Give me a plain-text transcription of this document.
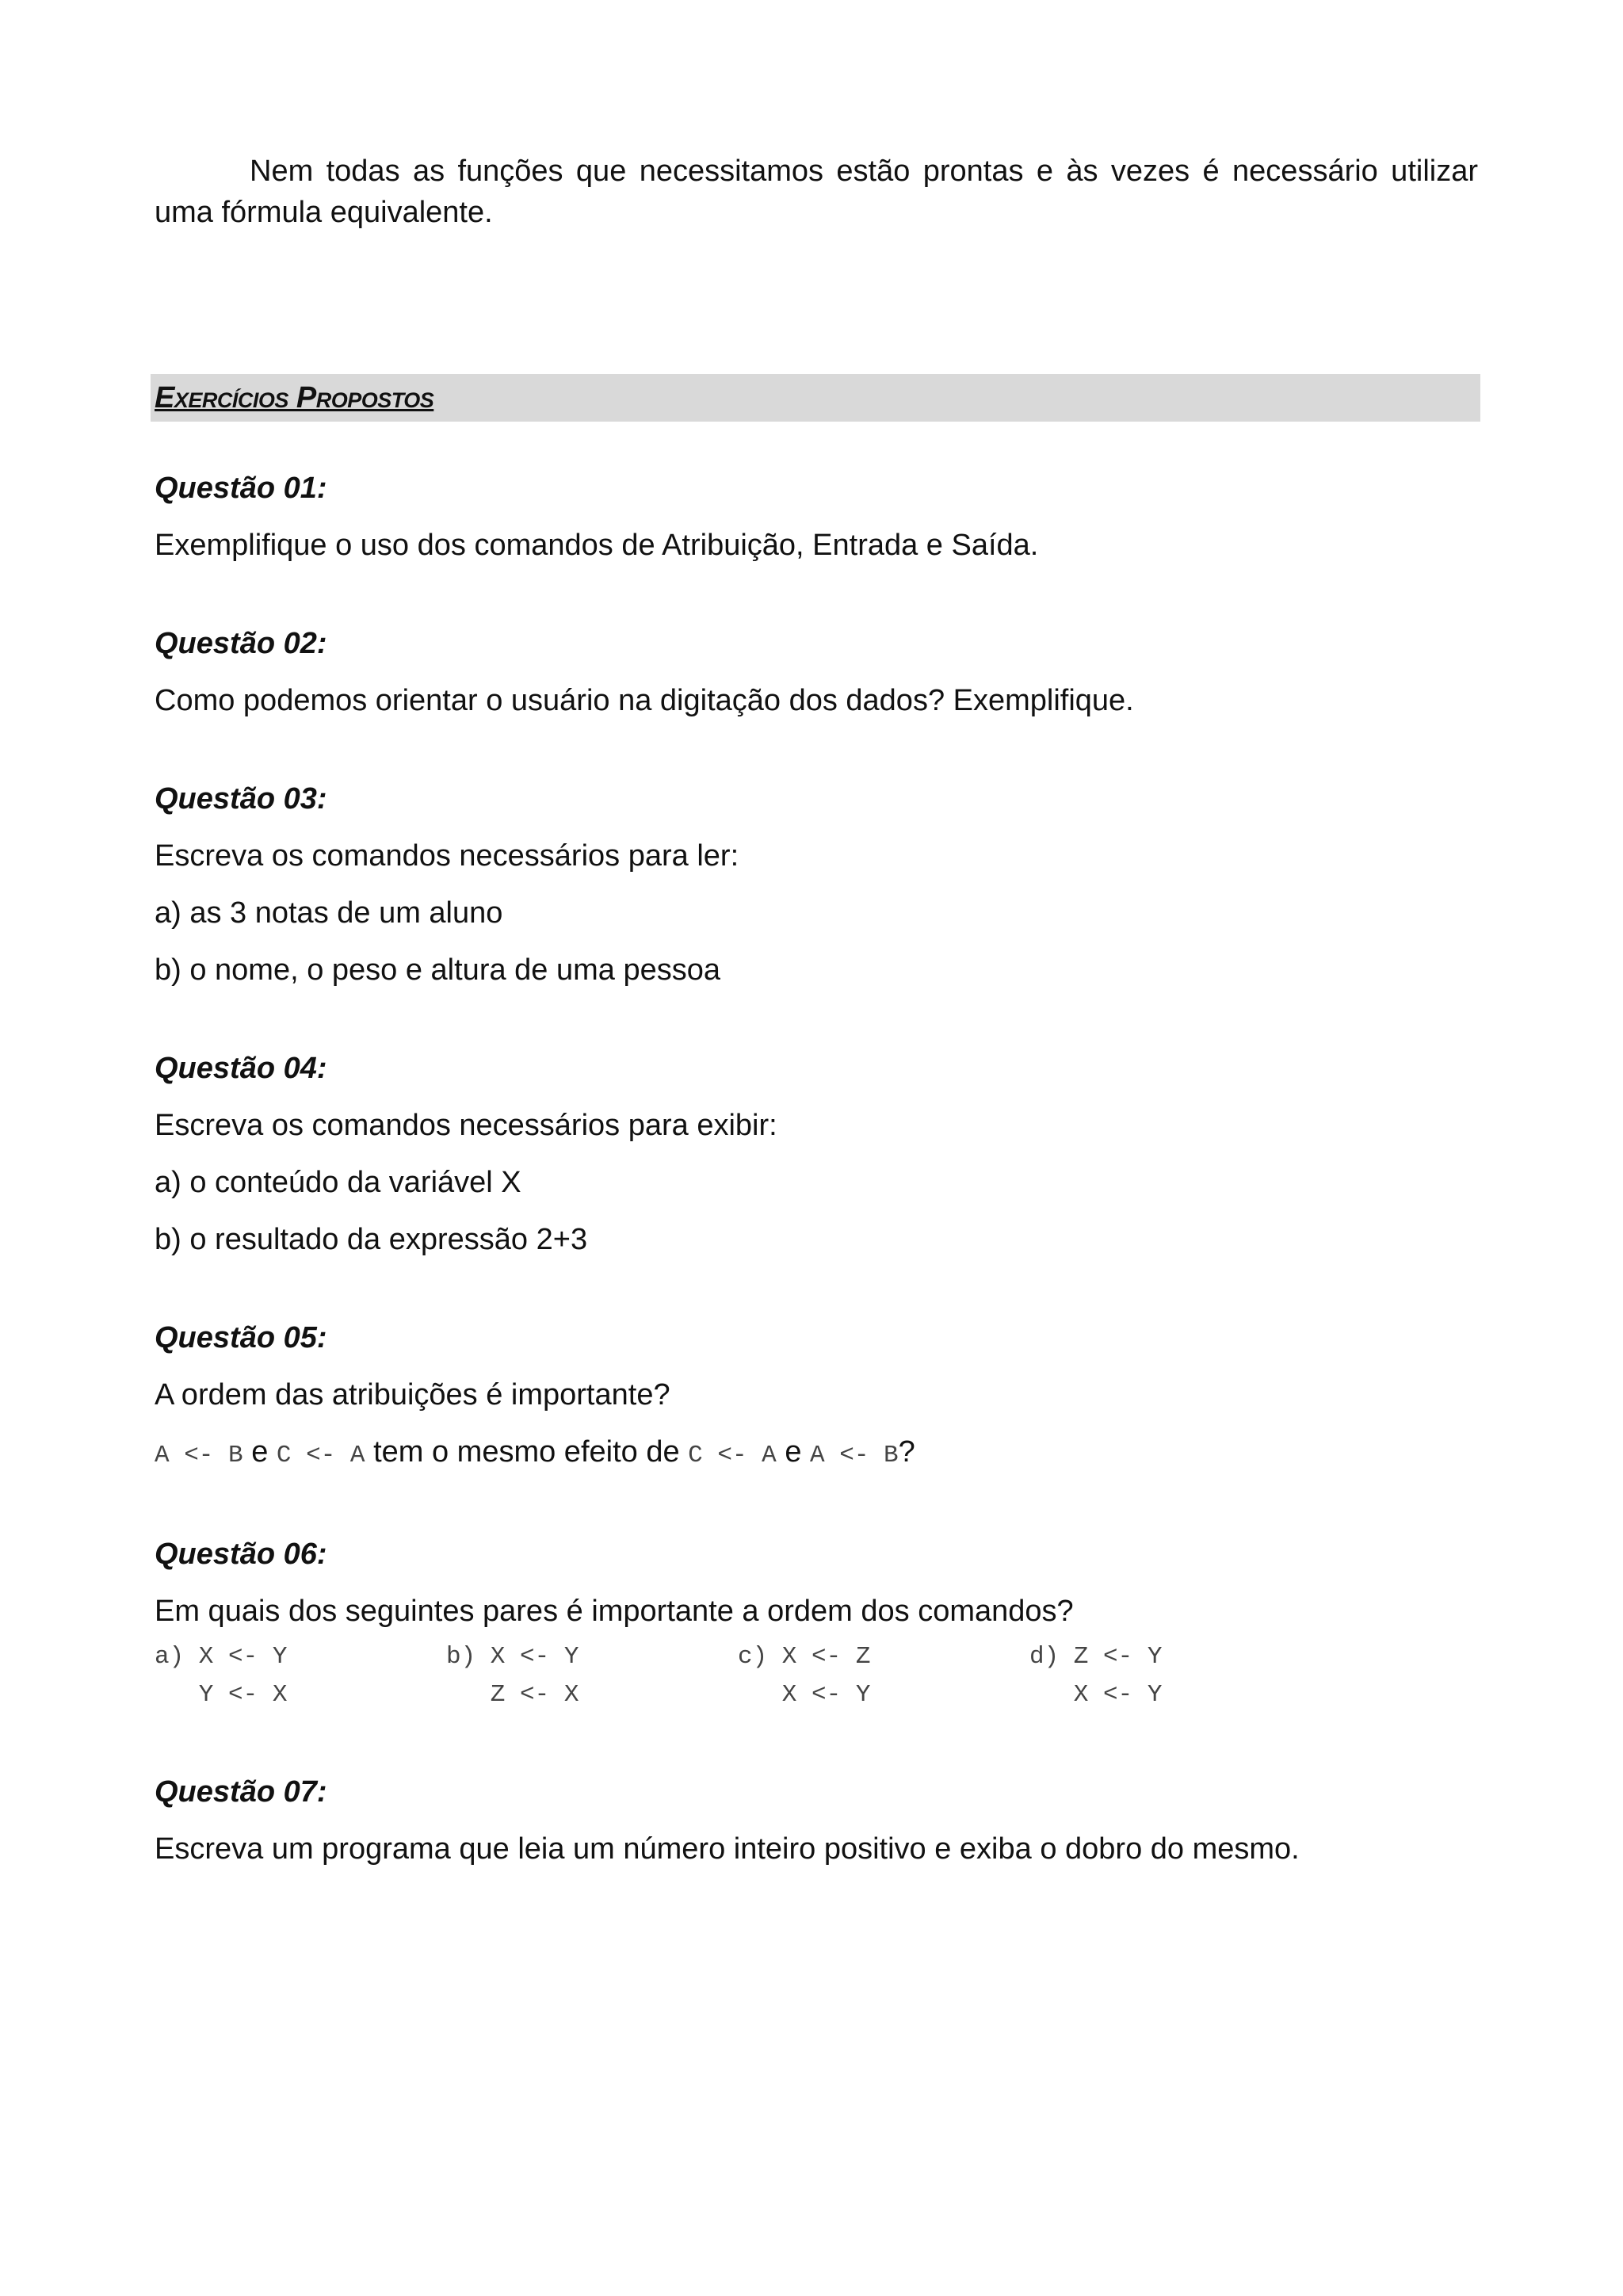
Nem todas as funções que necessitamos estão prontas e às vezes é necessário utilizar uma fórmula equivalente.

Exercícios Propostos

Questão 01:

Exemplifique o uso dos comandos de Atribuição, Entrada e Saída.

Questão 02:

Como podemos orientar o usuário na digitação dos dados? Exemplifique.

Questão 03:

Escreva os comandos necessários para ler:

a) as 3 notas de um aluno

b) o nome, o peso e altura de uma pessoa

Questão 04:

Escreva os comandos necessários para exibir:

a) o conteúdo da variável X

b) o resultado da expressão 2+3

Questão 05:

A ordem das atribuições é importante?

A <- B e C <- A tem o mesmo efeito de C <- A e A <- B?

Questão 06:

Em quais dos seguintes pares é importante a ordem dos comandos?

a) X <- Y
Y <- X
b) X <- Y
Z <- X
c) X <- Z
X <- Y
d) Z <- Y
X <- Y

Questão 07:

Escreva um programa que leia um número inteiro positivo e exiba o dobro do mesmo.
